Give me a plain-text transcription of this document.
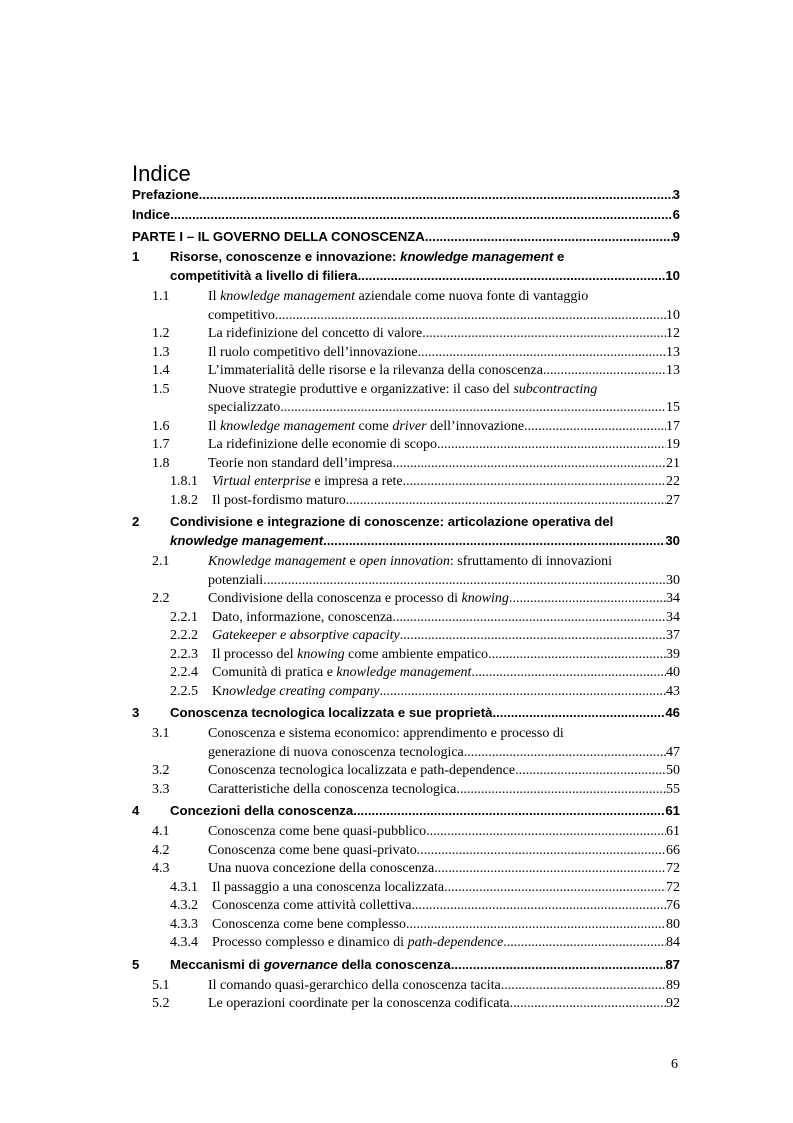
Indice
Prefazione .....	3
Indice .....	6
PARTE I – IL GOVERNO DELLA CONOSCENZA .....	9
1	Risorse, conoscenze e innovazione: knowledge management e
competitività a livello di filiera .....	10
1.1	Il knowledge management aziendale come nuova fonte di vantaggio
competitivo .....	10
1.2	La ridefinizione del concetto di valore .....	12
1.3	Il ruolo competitivo dell’innovazione .....	13
1.4	L’immaterialità delle risorse e la rilevanza della conoscenza .....	13
1.5	Nuove strategie produttive e organizzative: il caso del subcontracting
specializzato .....	15
1.6	Il knowledge management come driver dell’innovazione .....	17
1.7	La ridefinizione delle economie di scopo .....	19
1.8	Teorie non standard dell’impresa .....	21
1.8.1	Virtual enterprise e impresa a rete .....	22
1.8.2	Il post-fordismo maturo .....	27
2	Condivisione e integrazione di conoscenze: articolazione operativa del
knowledge management .....	30
2.1	Knowledge management e open innovation: sfruttamento di innovazioni
potenziali .....	30
2.2	Condivisione della conoscenza e processo di knowing .....	34
2.2.1	Dato, informazione, conoscenza .....	34
2.2.2	Gatekeeper e absorptive capacity .....	37
2.2.3	Il processo del knowing come ambiente empatico .....	39
2.2.4	Comunità di pratica e knowledge management .....	40
2.2.5	Knowledge creating company .....	43
3	Conoscenza tecnologica localizzata e sue proprietà .....	46
3.1	Conoscenza e sistema economico: apprendimento e processo di
generazione di nuova conoscenza tecnologica .....	47
3.2	Conoscenza tecnologica localizzata e path-dependence .....	50
3.3	Caratteristiche della conoscenza tecnologica .....	55
4	Concezioni della conoscenza .....	61
4.1	Conoscenza come bene quasi-pubblico .....	61
4.2	Conoscenza come bene quasi-privato .....	66
4.3	Una nuova concezione della conoscenza .....	72
4.3.1	Il passaggio a una conoscenza localizzata .....	72
4.3.2	Conoscenza come attività collettiva .....	76
4.3.3	Conoscenza come bene complesso .....	80
4.3.4	Processo complesso e dinamico di path-dependence .....	84
5	Meccanismi di governance della conoscenza .....	87
5.1	Il comando quasi-gerarchico della conoscenza tacita .....	89
5.2	Le operazioni coordinate per la conoscenza codificata .....	92
6
